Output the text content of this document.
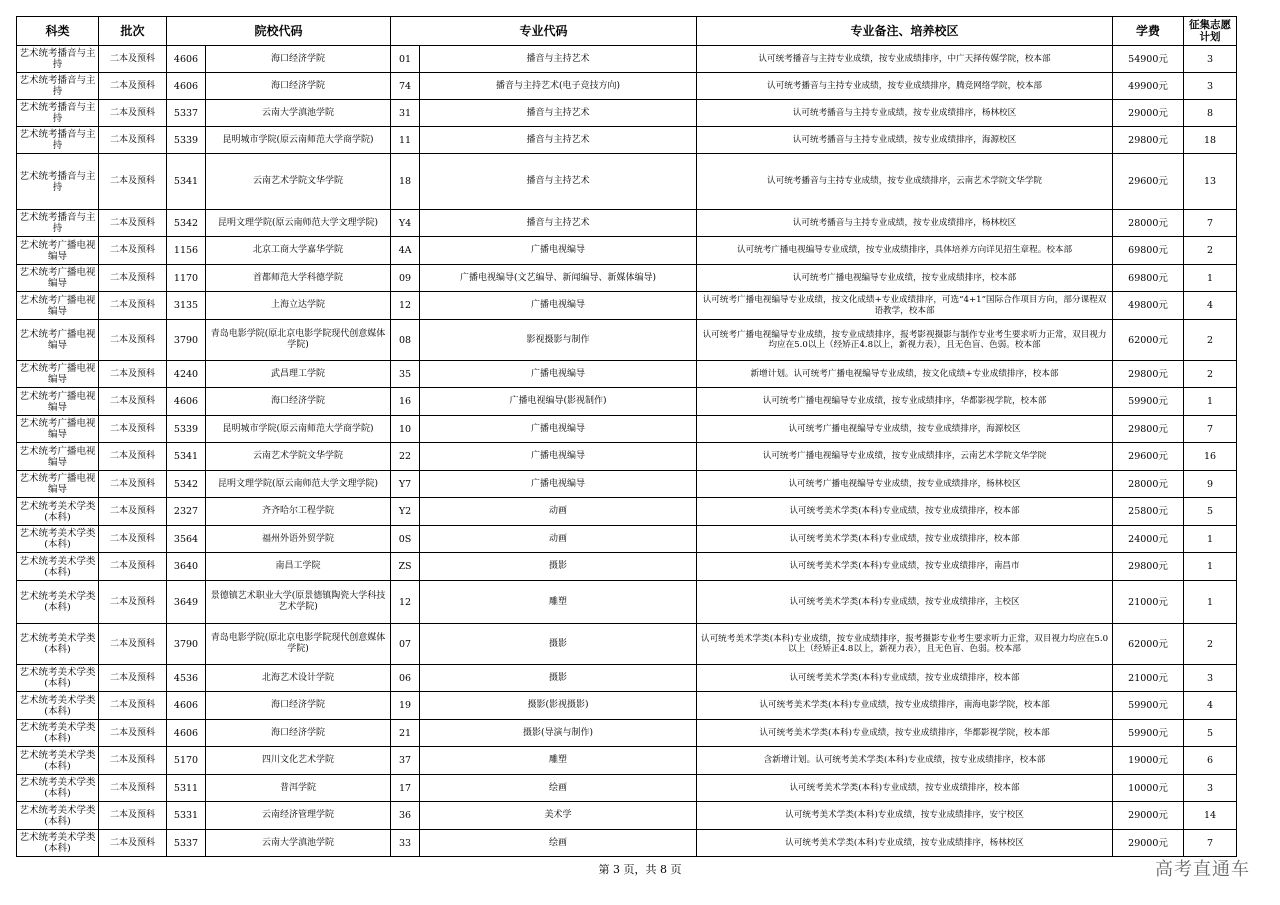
科类	批次	院校代码		专业代码		专业备注、培养校区	学费	征集志愿计划
艺术统考播音与主持	二本及预科	4606	海口经济学院	01	播音与主持艺术	认可统考播音与主持专业成绩，按专业成绩排序，中广天择传媒学院，校本部	54900元	3
艺术统考播音与主持	二本及预科	4606	海口经济学院	74	播音与主持艺术(电子竞技方向)	认可统考播音与主持专业成绩，按专业成绩排序，腾竞网络学院，校本部	49900元	3
艺术统考播音与主持	二本及预科	5337	云南大学滇池学院	31	播音与主持艺术	认可统考播音与主持专业成绩，按专业成绩排序，杨林校区	29000元	8
艺术统考播音与主持	二本及预科	5339	昆明城市学院(原云南师范大学商学院)	11	播音与主持艺术	认可统考播音与主持专业成绩，按专业成绩排序，海源校区	29800元	18
艺术统考播音与主持	二本及预科	5341	云南艺术学院文华学院	18	播音与主持艺术	认可统考播音与主持专业成绩，按专业成绩排序，云南艺术学院文华学院	29600元	13
艺术统考播音与主持	二本及预科	5342	昆明文理学院(原云南师范大学文理学院)	Y4	播音与主持艺术	认可统考播音与主持专业成绩，按专业成绩排序，杨林校区	28000元	7
艺术统考广播电视编导	二本及预科	1156	北京工商大学嘉华学院	4A	广播电视编导	认可统考广播电视编导专业成绩，按专业成绩排序，具体培养方向详见招生章程。校本部	69800元	2
艺术统考广播电视编导	二本及预科	1170	首都师范大学科德学院	09	广播电视编导(文艺编导、新闻编导、新媒体编导)	认可统考广播电视编导专业成绩，按专业成绩排序，校本部	69800元	1
艺术统考广播电视编导	二本及预科	3135	上海立达学院	12	广播电视编导	认可统考广播电视编导专业成绩，按文化成绩+专业成绩排序，可选“4+1”国际合作项目方向，部分课程双语教学，校本部	49800元	4
艺术统考广播电视编导	二本及预科	3790	青岛电影学院(原北京电影学院现代创意媒体学院)	08	影视摄影与制作	认可统考广播电视编导专业成绩，按专业成绩排序，报考影视摄影与制作专业考生要求听力正常，双目视力均应在5.0以上（经矫正4.8以上，新视力表），且无色盲、色弱。校本部	62000元	2
艺术统考广播电视编导	二本及预科	4240	武昌理工学院	35	广播电视编导	新增计划。认可统考广播电视编导专业成绩，按文化成绩+专业成绩排序，校本部	29800元	2
艺术统考广播电视编导	二本及预科	4606	海口经济学院	16	广播电视编导(影视制作)	认可统考广播电视编导专业成绩，按专业成绩排序，华都影视学院，校本部	59900元	1
艺术统考广播电视编导	二本及预科	5339	昆明城市学院(原云南师范大学商学院)	10	广播电视编导	认可统考广播电视编导专业成绩，按专业成绩排序，海源校区	29800元	7
艺术统考广播电视编导	二本及预科	5341	云南艺术学院文华学院	22	广播电视编导	认可统考广播电视编导专业成绩，按专业成绩排序，云南艺术学院文华学院	29600元	16
艺术统考广播电视编导	二本及预科	5342	昆明文理学院(原云南师范大学文理学院)	Y7	广播电视编导	认可统考广播电视编导专业成绩，按专业成绩排序，杨林校区	28000元	9
艺术统考美术学类(本科)	二本及预科	2327	齐齐哈尔工程学院	Y2	动画	认可统考美术学类(本科)专业成绩，按专业成绩排序，校本部	25800元	5
艺术统考美术学类(本科)	二本及预科	3564	福州外语外贸学院	0S	动画	认可统考美术学类(本科)专业成绩，按专业成绩排序，校本部	24000元	1
艺术统考美术学类(本科)	二本及预科	3640	南昌工学院	ZS	摄影	认可统考美术学类(本科)专业成绩，按专业成绩排序，南昌市	29800元	1
艺术统考美术学类(本科)	二本及预科	3649	景德镇艺术职业大学(原景德镇陶瓷大学科技艺术学院)	12	雕塑	认可统考美术学类(本科)专业成绩，按专业成绩排序，主校区	21000元	1
艺术统考美术学类(本科)	二本及预科	3790	青岛电影学院(原北京电影学院现代创意媒体学院)	07	摄影	认可统考美术学类(本科)专业成绩，按专业成绩排序，报考摄影专业考生要求听力正常，双目视力均应在5.0以上（经矫正4.8以上，新视力表），且无色盲、色弱。校本部	62000元	2
艺术统考美术学类(本科)	二本及预科	4536	北海艺术设计学院	06	摄影	认可统考美术学类(本科)专业成绩，按专业成绩排序，校本部	21000元	3
艺术统考美术学类(本科)	二本及预科	4606	海口经济学院	19	摄影(影视摄影)	认可统考美术学类(本科)专业成绩，按专业成绩排序，南海电影学院，校本部	59900元	4
艺术统考美术学类(本科)	二本及预科	4606	海口经济学院	21	摄影(导演与制作)	认可统考美术学类(本科)专业成绩，按专业成绩排序，华都影视学院，校本部	59900元	5
艺术统考美术学类(本科)	二本及预科	5170	四川文化艺术学院	37	雕塑	含新增计划。认可统考美术学类(本科)专业成绩，按专业成绩排序，校本部	19000元	6
艺术统考美术学类(本科)	二本及预科	5311	普洱学院	17	绘画	认可统考美术学类(本科)专业成绩，按专业成绩排序，校本部	10000元	3
艺术统考美术学类(本科)	二本及预科	5331	云南经济管理学院	36	美术学	认可统考美术学类(本科)专业成绩，按专业成绩排序，安宁校区	29000元	14
艺术统考美术学类(本科)	二本及预科	5337	云南大学滇池学院	33	绘画	认可统考美术学类(本科)专业成绩，按专业成绩排序，杨林校区	29000元	7
第 3 页，共 8 页	高考直通车
